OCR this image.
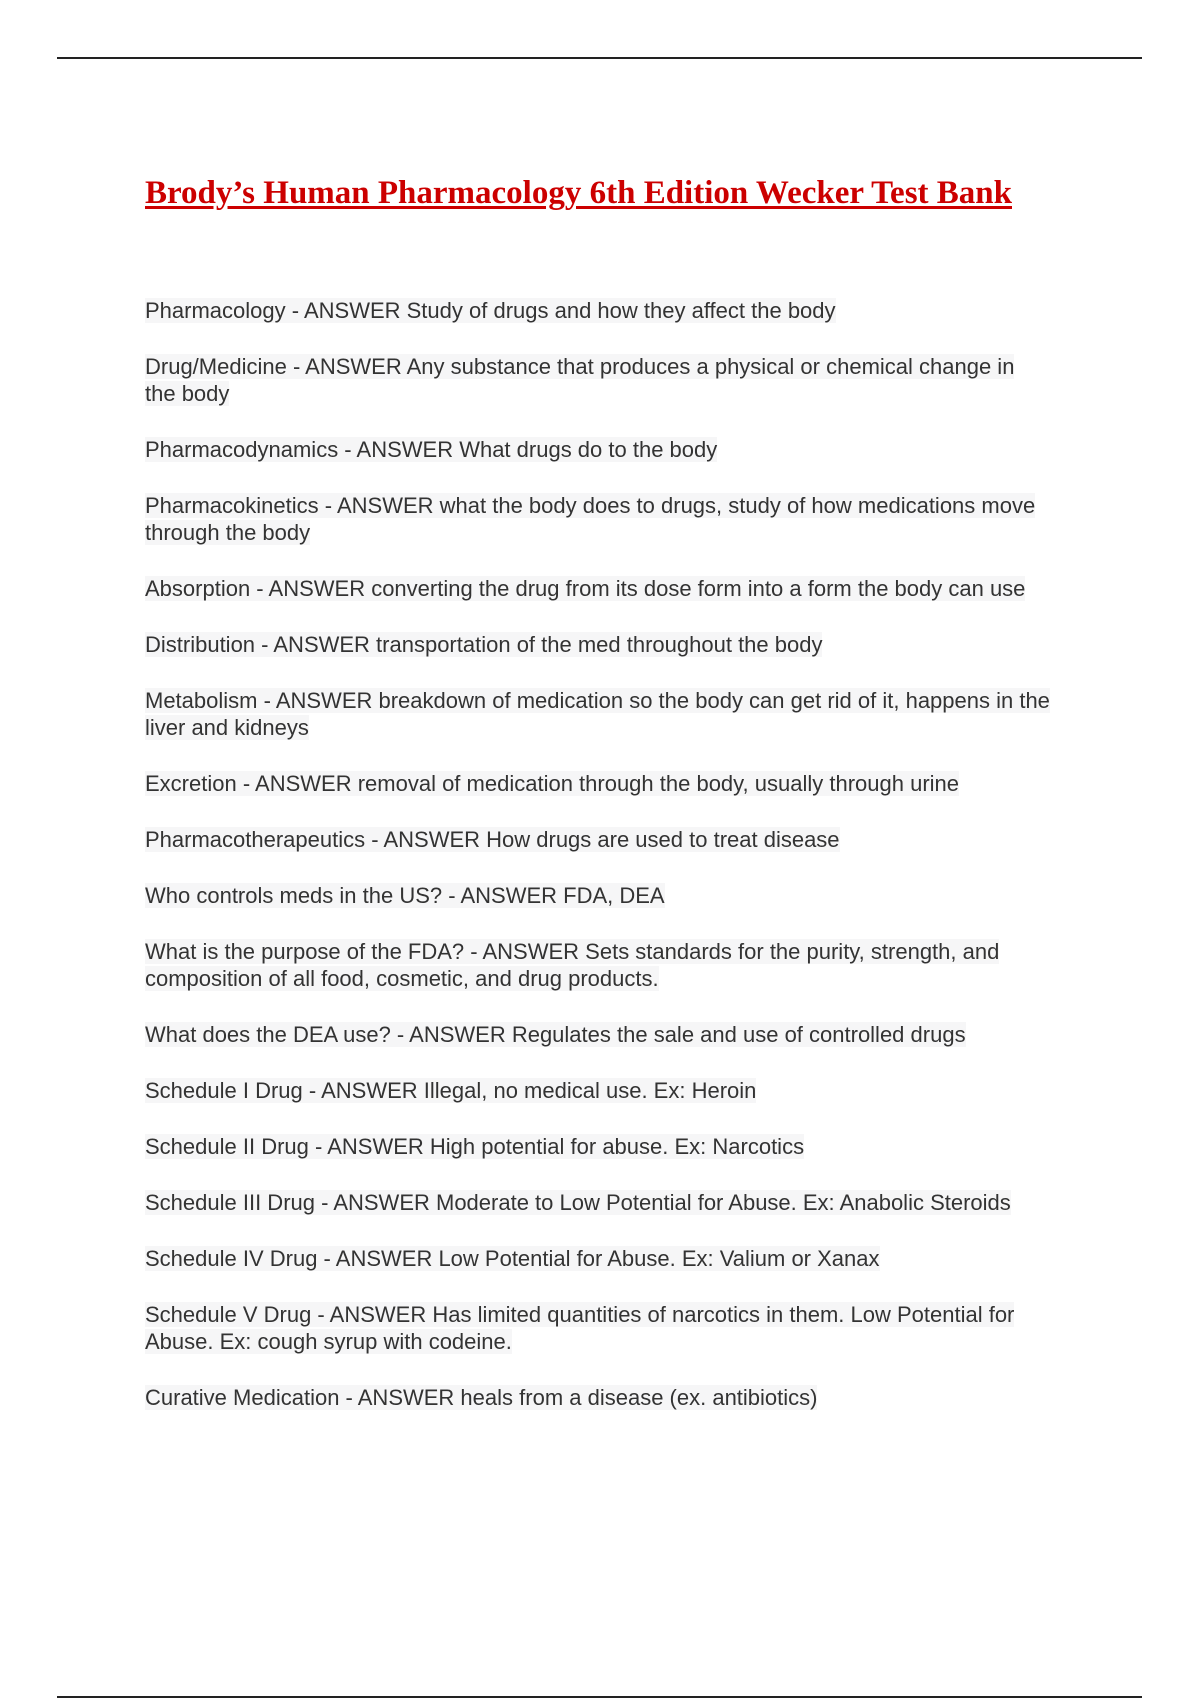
Brody’s Human Pharmacology 6th Edition Wecker Test Bank
Pharmacology - ANSWER Study of drugs and how they affect the body
Drug/Medicine - ANSWER Any substance that produces a physical or chemical change in the body
Pharmacodynamics - ANSWER What drugs do to the body
Pharmacokinetics - ANSWER what the body does to drugs, study of how medications move through the body
Absorption - ANSWER converting the drug from its dose form into a form the body can use
Distribution - ANSWER transportation of the med throughout the body
Metabolism - ANSWER breakdown of medication so the body can get rid of it, happens in the liver and kidneys
Excretion - ANSWER removal of medication through the body, usually through urine
Pharmacotherapeutics - ANSWER How drugs are used to treat disease
Who controls meds in the US? - ANSWER FDA, DEA
What is the purpose of the FDA? - ANSWER Sets standards for the purity, strength, and composition of all food, cosmetic, and drug products.
What does the DEA use? - ANSWER Regulates the sale and use of controlled drugs
Schedule I Drug - ANSWER Illegal, no medical use. Ex: Heroin
Schedule II Drug - ANSWER High potential for abuse. Ex: Narcotics
Schedule III Drug - ANSWER Moderate to Low Potential for Abuse. Ex: Anabolic Steroids
Schedule IV Drug - ANSWER Low Potential for Abuse. Ex: Valium or Xanax
Schedule V Drug - ANSWER Has limited quantities of narcotics in them. Low Potential for Abuse. Ex: cough syrup with codeine.
Curative Medication - ANSWER heals from a disease (ex. antibiotics)
